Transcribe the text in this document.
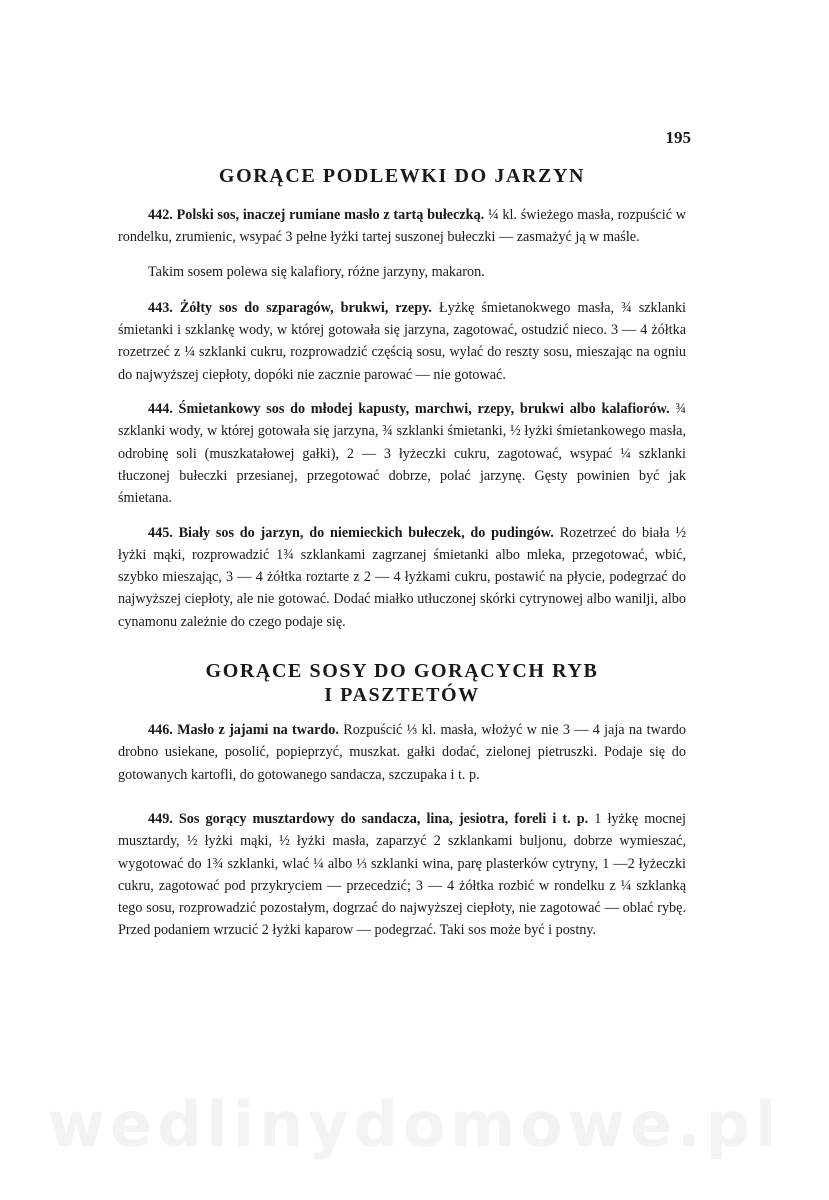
195
GORĄCE PODLEWKI DO JARZYN

442. Polski sos, inaczej rumiane masło z tartą bułeczką. ¼ kl. świeżego masła, rozpuścić w rondelku, zrumienic, wsypać 3 pełne łyżki tartej suszonej bułeczki — zasmażyć ją w maśle.

Takim sosem polewa się kalafiory, różne jarzyny, makaron.

443. Żółty sos do szparagów, brukwi, rzepy. Łyżkę śmietanokwego masła, ¾ szklanki śmietanki i szklankę wody, w której gotowała się jarzyna, zagotować, ostudzić nieco. 3 — 4 żółtka rozetrzeć z ¼ szklanki cukru, rozprowadzić częścią sosu, wylać do reszty sosu, mieszając na ogniu do najwyższej ciepłoty, dopóki nie zacznie parować — nie gotować.

444. Śmietankowy sos do młodej kapusty, marchwi, rzepy, brukwi albo kalafiorów. ¾ szklanki wody, w której gotowała się jarzyna, ¾ szklanki śmietanki, ½ łyżki śmietankowego masła, odrobinę soli (muszkatałowej gałki), 2 — 3 łyżeczki cukru, zagotować, wsypać ¼ szklanki tłuczonej bułeczki przesianej, przegotować dobrze, polać jarzynę. Gęsty powinien być jak śmietana.

445. Biały sos do jarzyn, do niemieckich bułeczek, do pudingów. Rozetrzeć do biała ½ łyżki mąki, rozprowadzić 1¾ szklankami zagrzanej śmietanki albo mleka, przegotować, wbić, szybko mieszając, 3 — 4 żółtka roztarte z 2 — 4 łyżkami cukru, postawić na płycie, podegrzać do najwyższej ciepłoty, ale nie gotować. Dodać miałko utłuczonej skórki cytrynowej albo wanilji, albo cynamonu zależnie do czego podaje się.

GORĄCE SOSY DO GORĄCYCH RYB
I PASZTETÓW

446. Masło z jajami na twardo. Rozpuścić ⅓ kl. masła, włożyć w nie 3 — 4 jaja na twardo drobno usiekane, posolić, popieprzyć, muszkat. gałki dodać, zielonej pietruszki. Podaje się do gotowanych kartofli, do gotowanego sandacza, szczupaka i t. p.

449. Sos gorący musztardowy do sandacza, lina, jesiotra, foreli i t. p. 1 łyżkę mocnej musztardy, ½ łyżki mąki, ½ łyżki masła, zaparzyć 2 szklankami buljonu, dobrze wymieszać, wygotować do 1¾ szklanki, wlać ¼ albo ⅓ szklanki wina, parę plasterków cytryny, 1 —2 łyżeczki cukru, zagotować pod przykryciem — przecedzić; 3 — 4 żółtka rozbić w rondelku z ¼ szklanką tego sosu, rozprowadzić pozostałym, dogrzać do najwyższej ciepłoty, nie zagotować — oblać rybę. Przed podaniem wrzucić 2 łyżki kaparow — podegrzać. Taki sos może być i postny.

wedlinydomowe.pl
